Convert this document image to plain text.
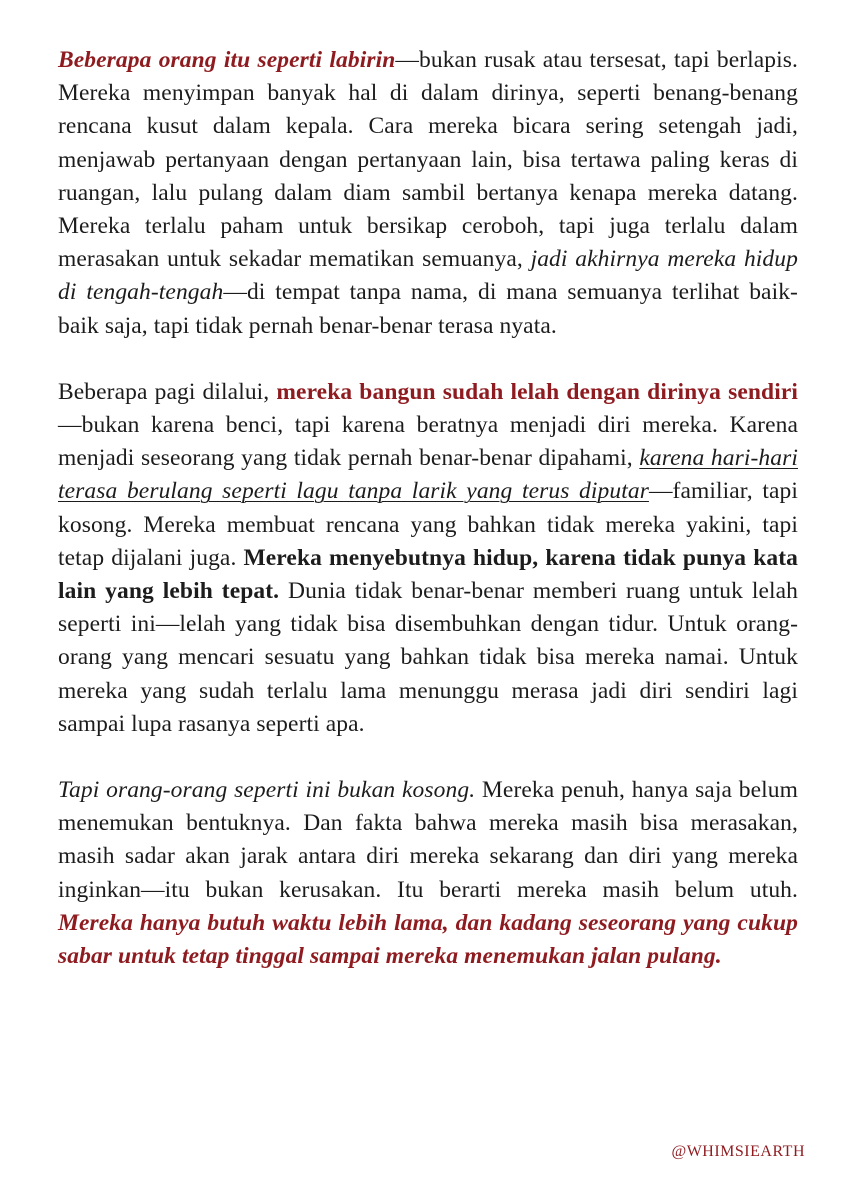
Beberapa orang itu seperti labirin—bukan rusak atau tersesat, tapi berlapis. Mereka menyimpan banyak hal di dalam dirinya, seperti benang-benang rencana kusut dalam kepala. Cara mereka bicara sering setengah jadi, menjawab pertanyaan dengan pertanyaan lain, bisa tertawa paling keras di ruangan, lalu pulang dalam diam sambil bertanya kenapa mereka datang. Mereka terlalu paham untuk bersikap ceroboh, tapi juga terlalu dalam merasakan untuk sekadar mematikan semuanya, jadi akhirnya mereka hidup di tengah-tengah—di tempat tanpa nama, di mana semuanya terlihat baik-baik saja, tapi tidak pernah benar-benar terasa nyata.

Beberapa pagi dilalui, mereka bangun sudah lelah dengan dirinya sendiri—bukan karena benci, tapi karena beratnya menjadi diri mereka. Karena menjadi seseorang yang tidak pernah benar-benar dipahami, karena hari-hari terasa berulang seperti lagu tanpa larik yang terus diputar—familiar, tapi kosong. Mereka membuat rencana yang bahkan tidak mereka yakini, tapi tetap dijalani juga. Mereka menyebutnya hidup, karena tidak punya kata lain yang lebih tepat. Dunia tidak benar-benar memberi ruang untuk lelah seperti ini—lelah yang tidak bisa disembuhkan dengan tidur. Untuk orang-orang yang mencari sesuatu yang bahkan tidak bisa mereka namai. Untuk mereka yang sudah terlalu lama menunggu merasa jadi diri sendiri lagi sampai lupa rasanya seperti apa.

Tapi orang-orang seperti ini bukan kosong. Mereka penuh, hanya saja belum menemukan bentuknya. Dan fakta bahwa mereka masih bisa merasakan, masih sadar akan jarak antara diri mereka sekarang dan diri yang mereka inginkan—itu bukan kerusakan. Itu berarti mereka masih belum utuh. Mereka hanya butuh waktu lebih lama, dan kadang seseorang yang cukup sabar untuk tetap tinggal sampai mereka menemukan jalan pulang.

@WHIMSIEARTH
